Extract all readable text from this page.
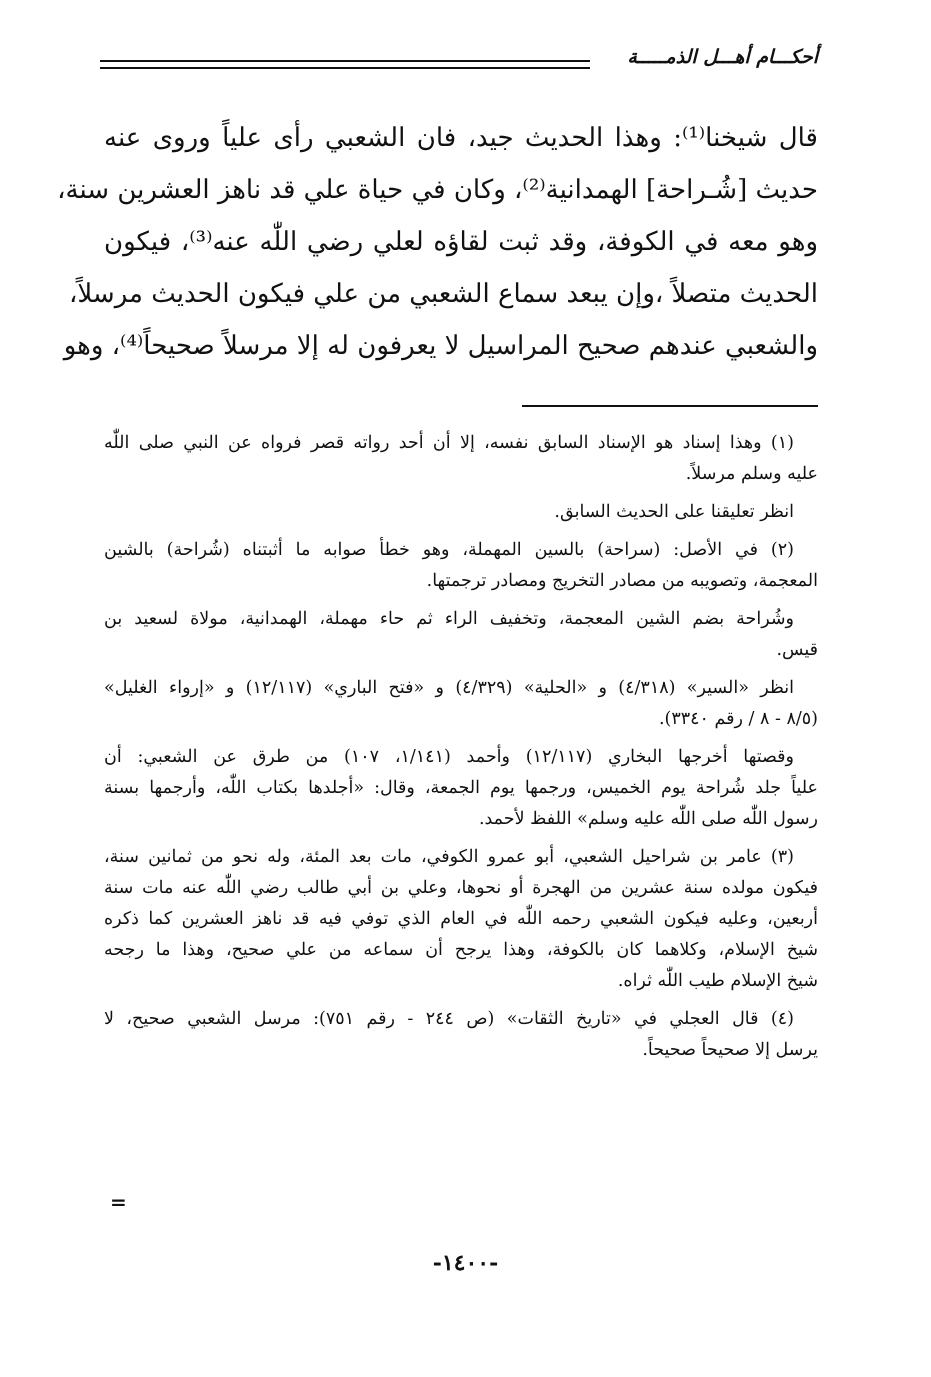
أحكـــام أهـــل الذمـــــة
قال شيخنا⁽¹⁾: وهذا الحديث جيد، فان الشعبي رأى علياً وروى عنه
حديث [شُـراحة] الهمدانية⁽²⁾، وكان في حياة علي قد ناهز العشرين سنة،
وهو معه في الكوفة، وقد ثبت لقاؤه لعلي رضي اللّٰه عنه⁽³⁾، فيكون
الحديث متصلاً ،وإن يبعد سماع الشعبي من علي فيكون الحديث مرسلاً،
والشعبي عندهم صحيح المراسيل لا يعرفون له إلا مرسلاً صحيحاً⁽⁴⁾، وهو
(١) وهذا إسناد هو الإسناد السابق نفسه، إلا أن أحد رواته قصر فرواه عن النبي صلى اللّٰه
عليه وسلم مرسلاً.
انظر تعليقنا على الحديث السابق.
(٢) في الأصل: (سراحة) بالسين المهملة، وهو خطأ صوابه ما أثبتناه (شُراحة) بالشين
المعجمة، وتصويبه من مصادر التخريج ومصادر ترجمتها.
وشُراحة بضم الشين المعجمة، وتخفيف الراء ثم حاء مهملة، الهمدانية، مولاة لسعيد بن
قيس.
انظر «السير» (٤/٣١٨) و «الحلية» (٤/٣٢٩) و «فتح الباري» (١٢/١١٧) و «إرواء الغليل»
(٨/٥ - ٨ / رقم ٣٣٤٠).
وقصتها أخرجها البخاري (١٢/١١٧) وأحمد (١/١٤١، ١٠٧) من طرق عن الشعبي: أن
علياً جلد شُراحة يوم الخميس، ورجمها يوم الجمعة، وقال: «أجلدها بكتاب اللّٰه، وأرجمها بسنة
رسول اللّٰه صلى اللّٰه عليه وسلم» اللفظ لأحمد.
(٣) عامر بن شراحيل الشعبي، أبو عمرو الكوفي، مات بعد المئة، وله نحو من ثمانين سنة،
فيكون مولده سنة عشرين من الهجرة أو نحوها، وعلي بن أبي طالب رضي اللّٰه عنه مات سنة
أربعين، وعليه فيكون الشعبي رحمه اللّٰه في العام الذي توفي فيه قد ناهز العشرين كما ذكره
شيخ الإسلام، وكلاهما كان بالكوفة، وهذا يرجح أن سماعه من علي صحيح، وهذا ما رجحه
شيخ الإسلام طيب اللّٰه ثراه.
(٤) قال العجلي في «تاريخ الثقات» (ص ٢٤٤ - رقم ٧٥١): مرسل الشعبي صحيح، لا
يرسل إلا صحيحاً صحيحاً.
=
-١٤٠٠-
